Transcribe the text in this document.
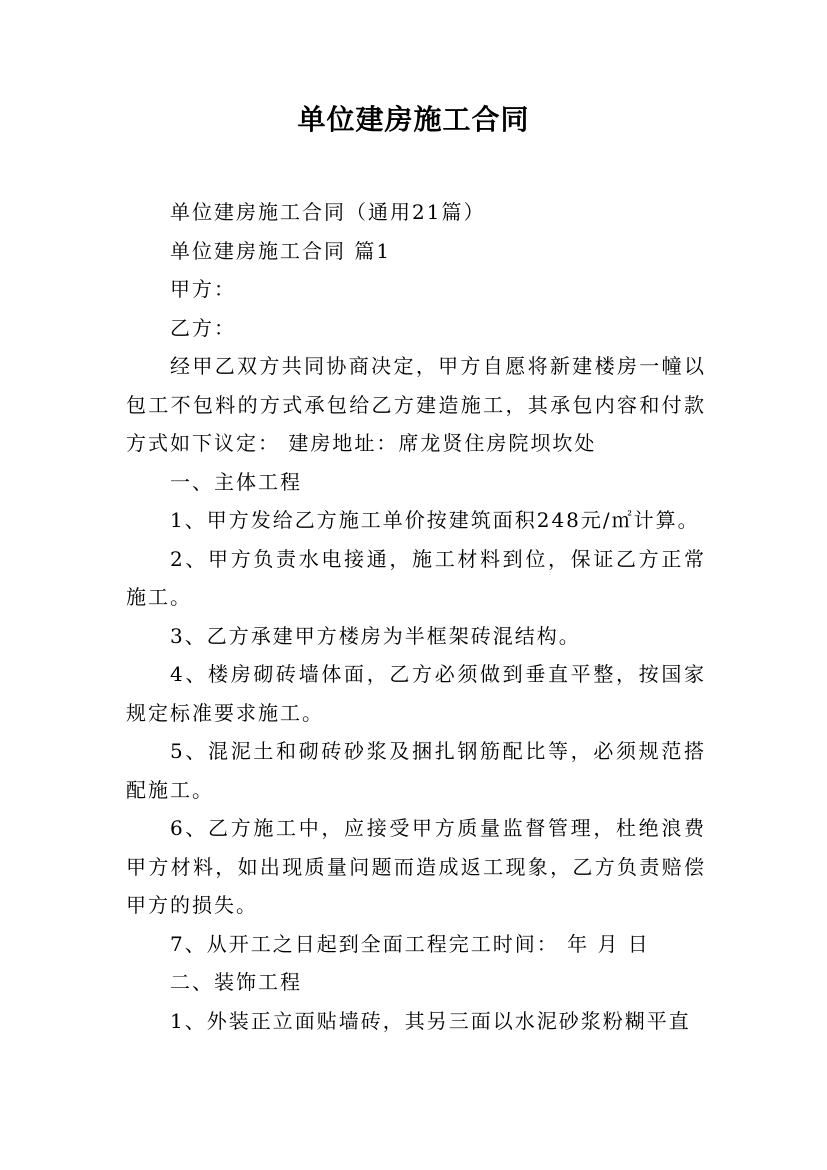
单位建房施工合同

单位建房施工合同（通用21篇）

单位建房施工合同 篇1

甲方：

乙方：

经甲乙双方共同协商决定，甲方自愿将新建楼房一幢以包工不包料的方式承包给乙方建造施工，其承包内容和付款方式如下议定： 建房地址：席龙贤住房院坝坎处

一、主体工程

1、甲方发给乙方施工单价按建筑面积248元/㎡计算。

2、甲方负责水电接通，施工材料到位，保证乙方正常施工。

3、乙方承建甲方楼房为半框架砖混结构。

4、楼房砌砖墙体面，乙方必须做到垂直平整，按国家规定标准要求施工。

5、混泥土和砌砖砂浆及捆扎钢筋配比等，必须规范搭配施工。

6、乙方施工中，应接受甲方质量监督管理，杜绝浪费甲方材料，如出现质量问题而造成返工现象，乙方负责赔偿甲方的损失。

7、从开工之日起到全面工程完工时间： 年 月 日

二、装饰工程

1、外装正立面贴墙砖，其另三面以水泥砂浆粉糊平直
